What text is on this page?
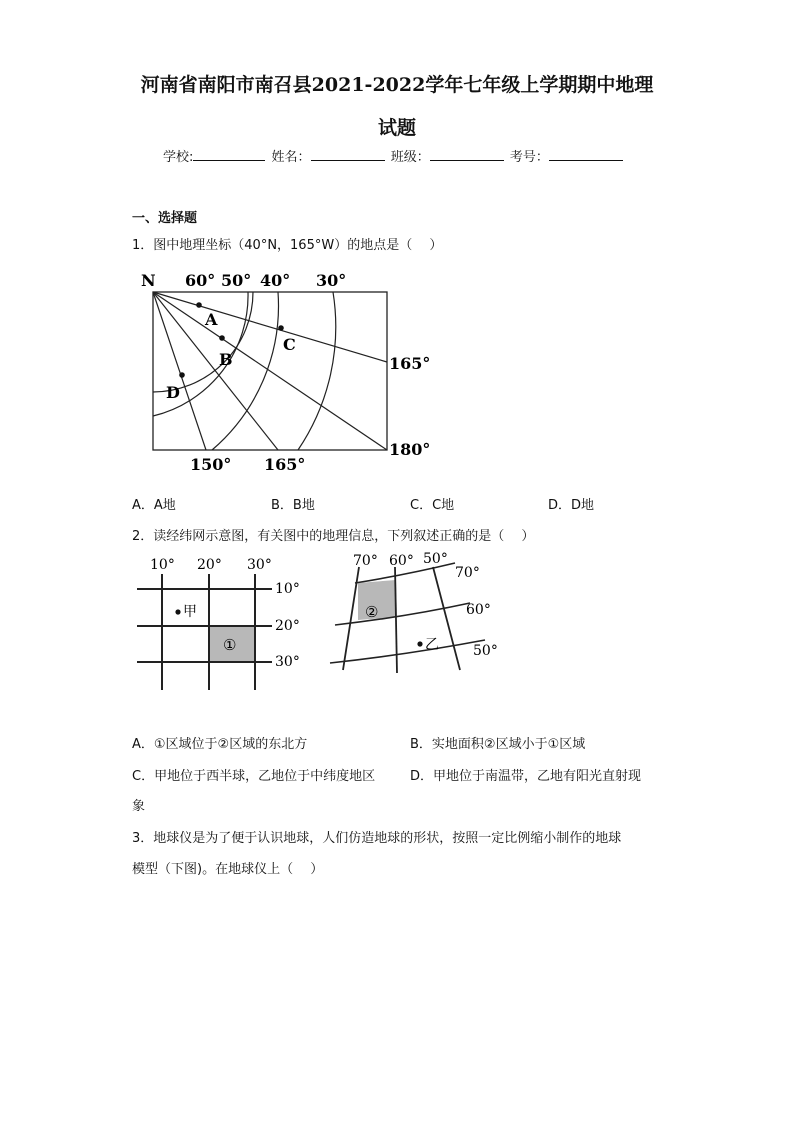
河南省南阳市南召县2021-2022学年七年级上学期期中地理
试题
学校:	姓名：	班级：	考号：
一、选择题
1．图中地理坐标（40°N，165°W）的地点是（　 ）
N 60° 50° 40° 30°
A
B
C
D
165°
180°
150° 165°
A．A地	B．B地	C．C地	D．D地
2．读经纬网示意图，有关图中的地理信息，下列叙述正确的是（　 ）
10° 20° 30°
10°
20°
30°
甲
①
70° 60° 50°
70°
60°
50°
乙
②
A．①区域位于②区域的东北方	B．实地面积②区域小于①区域
C．甲地位于西半球，乙地位于中纬度地区	D．甲地位于南温带，乙地有阳光直射现
象
3．地球仪是为了便于认识地球，人们仿造地球的形状，按照一定比例缩小制作的地球
模型（下图)。在地球仪上（　 ）
